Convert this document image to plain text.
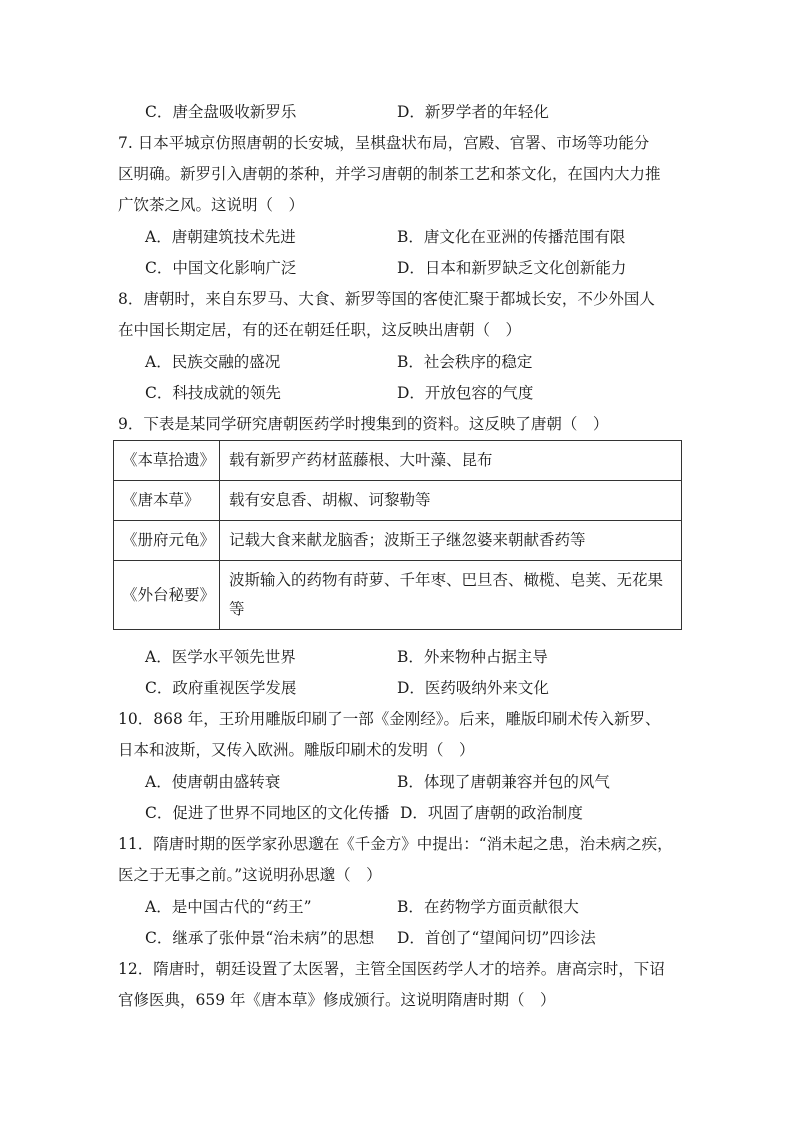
C．唐全盘吸收新罗乐	D．新罗学者的年轻化
7. 日本平城京仿照唐朝的长安城，呈棋盘状布局，宫殿、官署、市场等功能分
区明确。新罗引入唐朝的茶种，并学习唐朝的制茶工艺和茶文化，在国内大力推
广饮茶之风。这说明（　）
A．唐朝建筑技术先进	B．唐文化在亚洲的传播范围有限
C．中国文化影响广泛	D．日本和新罗缺乏文化创新能力
8．唐朝时，来自东罗马、大食、新罗等国的客使汇聚于都城长安，不少外国人
在中国长期定居，有的还在朝廷任职，这反映出唐朝（　）
A．民族交融的盛况	B．社会秩序的稳定
C．科技成就的领先	D．开放包容的气度
9．下表是某同学研究唐朝医药学时搜集到的资料。这反映了唐朝（　）
《本草拾遗》	载有新罗产药材蓝藤根、大叶藻、昆布
《唐本草》	载有安息香、胡椒、诃黎勒等
《册府元龟》	记载大食来献龙脑香；波斯王子继忽婆来朝献香药等
《外台秘要》	波斯输入的药物有莳萝、千年枣、巴旦杏、橄榄、皂荚、无花果等
A．医学水平领先世界	B．外来物种占据主导
C．政府重视医学发展	D．医药吸纳外来文化
10．868 年，王玠用雕版印刷了一部《金刚经》。后来，雕版印刷术传入新罗、
日本和波斯，又传入欧洲。雕版印刷术的发明（　）
A．使唐朝由盛转衰	B．体现了唐朝兼容并包的风气
C．促进了世界不同地区的文化传播 D．巩固了唐朝的政治制度
11．隋唐时期的医学家孙思邈在《千金方》中提出：“消未起之患，治未病之疾，
医之于无事之前。”这说明孙思邈（　）
A．是中国古代的“药王”	B．在药物学方面贡献很大
C．继承了张仲景“治未病”的思想 D．首创了“望闻问切”四诊法
12．隋唐时，朝廷设置了太医署，主管全国医药学人才的培养。唐高宗时，下诏
官修医典，659 年《唐本草》修成颁行。这说明隋唐时期（　）
